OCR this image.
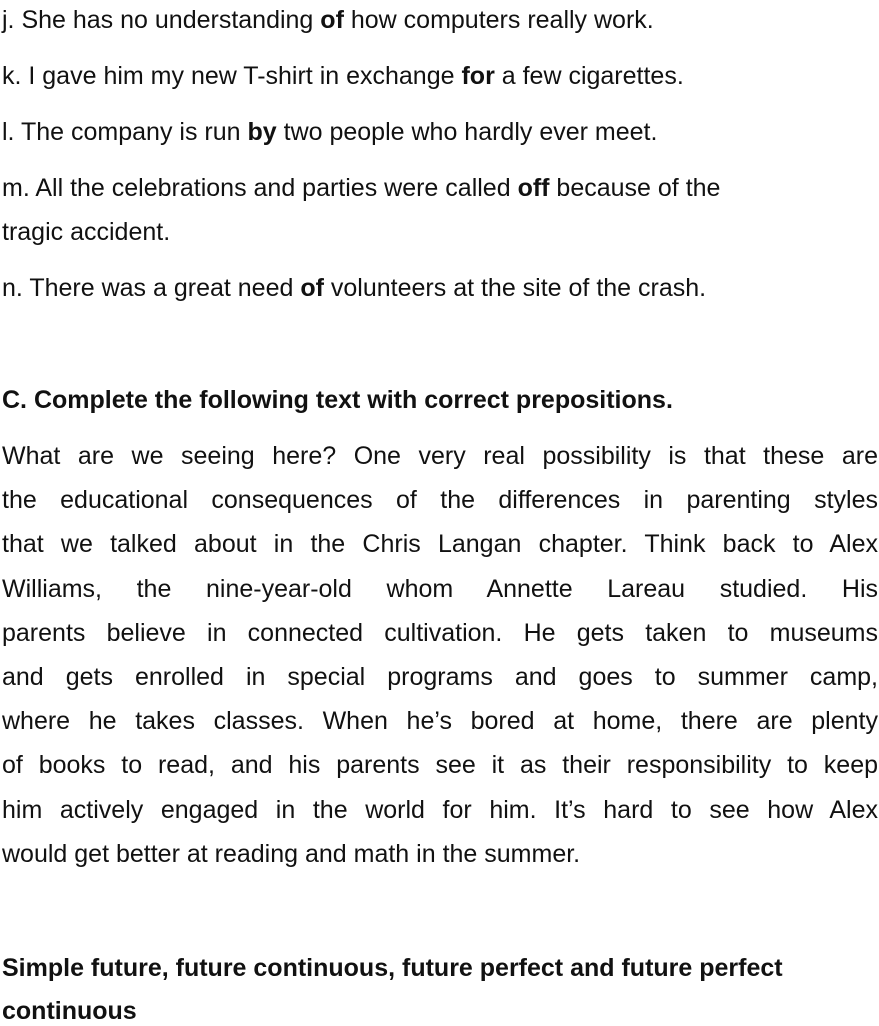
j. She has no understanding of how computers really work.
k. I gave him my new T-shirt in exchange for a few cigarettes.
l. The company is run by two people who hardly ever meet.
m. All the celebrations and parties were called off because of the
tragic accident.
n. There was a great need of volunteers at the site of the crash.
C. Complete the following text with correct prepositions.
What are we seeing here? One very real possibility is that these are
the educational consequences of the differences in parenting styles
that we talked about in the Chris Langan chapter. Think back to Alex
Williams, the nine-year-old whom Annette Lareau studied. His
parents believe in connected cultivation. He gets taken to museums
and gets enrolled in special programs and goes to summer camp,
where he takes classes. When he’s bored at home, there are plenty
of books to read, and his parents see it as their responsibility to keep
him actively engaged in the world for him. It’s hard to see how Alex
would get better at reading and math in the summer.
Simple future, future continuous, future perfect and future perfect
continuous
